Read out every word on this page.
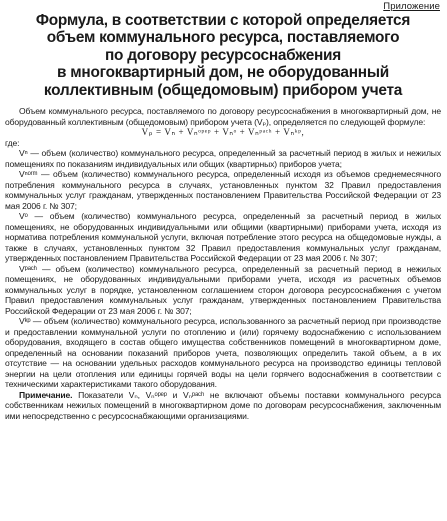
Приложение
Формула, в соответствии с которой определяется
объем коммунального ресурса, поставляемого
по договору ресурсоснабжения
в многоквартирный дом, не оборудованный
коллективным (общедомовым) прибором учета

Объем коммунального ресурса, поставляемого по договору ресурсоснабжения в многоквартирный дом, не оборудованный коллективным (общедомовым) прибором учета (Vₚ), определяется по следующей формуле:

Vₚ = Vₙ + Vₙᵒᵖᵉᵖ + Vₙᵒ + Vₙᵖᵃᶜʰ + Vₙᵏᵖ,

где:

Vⁿ — объем (количество) коммунального ресурса, определенный за расчетный период в жилых и нежилых помещениях по показаниям индивидуальных или общих (квартирных) приборов учета;

Vⁿᵒʳᵐ — объем (количество) коммунального ресурса, определенный исходя из объемов среднемесячного потребления коммунального ресурса в случаях, установленных пунктом 32 Правил предоставления коммунальных услуг гражданам, утвержденных постановлением Правительства Российской Федерации от 23 мая 2006 г. № 307;

Vᵒ — объем (количество) коммунального ресурса, определенный за расчетный период в жилых помещениях, не оборудованных индивидуальными или общими (квартирными) приборами учета, исходя из норматива потребления коммунальной услуги, включая потребление этого ресурса на общедомовые нужды, а также в случаях, установленных пунктом 32 Правил предоставления коммунальных услуг гражданам, утвержденных постановлением Правительства Российской Федерации от 23 мая 2006 г. № 307;

Vᵖᵃᶜʰ — объем (количество) коммунального ресурса, определенный за расчетный период в нежилых помещениях, не оборудованных индивидуальными приборами учета, исходя из расчетных объемов коммунальных услуг в порядке, установленном соглашением сторон договора ресурсоснабжения с учетом Правил предоставления коммунальных услуг гражданам, утвержденных постановлением Правительства Российской Федерации от 23 мая 2006 г. № 307;

Vᵏᵖ — объем (количество) коммунального ресурса, использованного за расчетный период при производстве и предоставлении коммунальной услуги по отоплению и (или) горячему водоснабжению с использованием оборудования, входящего в состав общего имущества собственников помещений в многоквартирном доме, определенный на основании показаний приборов учета, позволяющих определить такой объем, а в их отсутствие — на основании удельных расходов коммунального ресурса на производство единицы тепловой энергии на цели отопления или единицы горячей воды на цели горячего водоснабжения в соответствии с техническими характеристиками такого оборудования.

Примечание. Показатели Vₙ, Vₙᵒᵖᵉᵖ и Vₙᵖᵃᶜʰ не включают объемы поставки коммунального ресурса собственникам нежилых помещений в многоквартирном доме по договорам ресурсоснабжения, заключенным ими непосредственно с ресурсоснабжающими организациями.
